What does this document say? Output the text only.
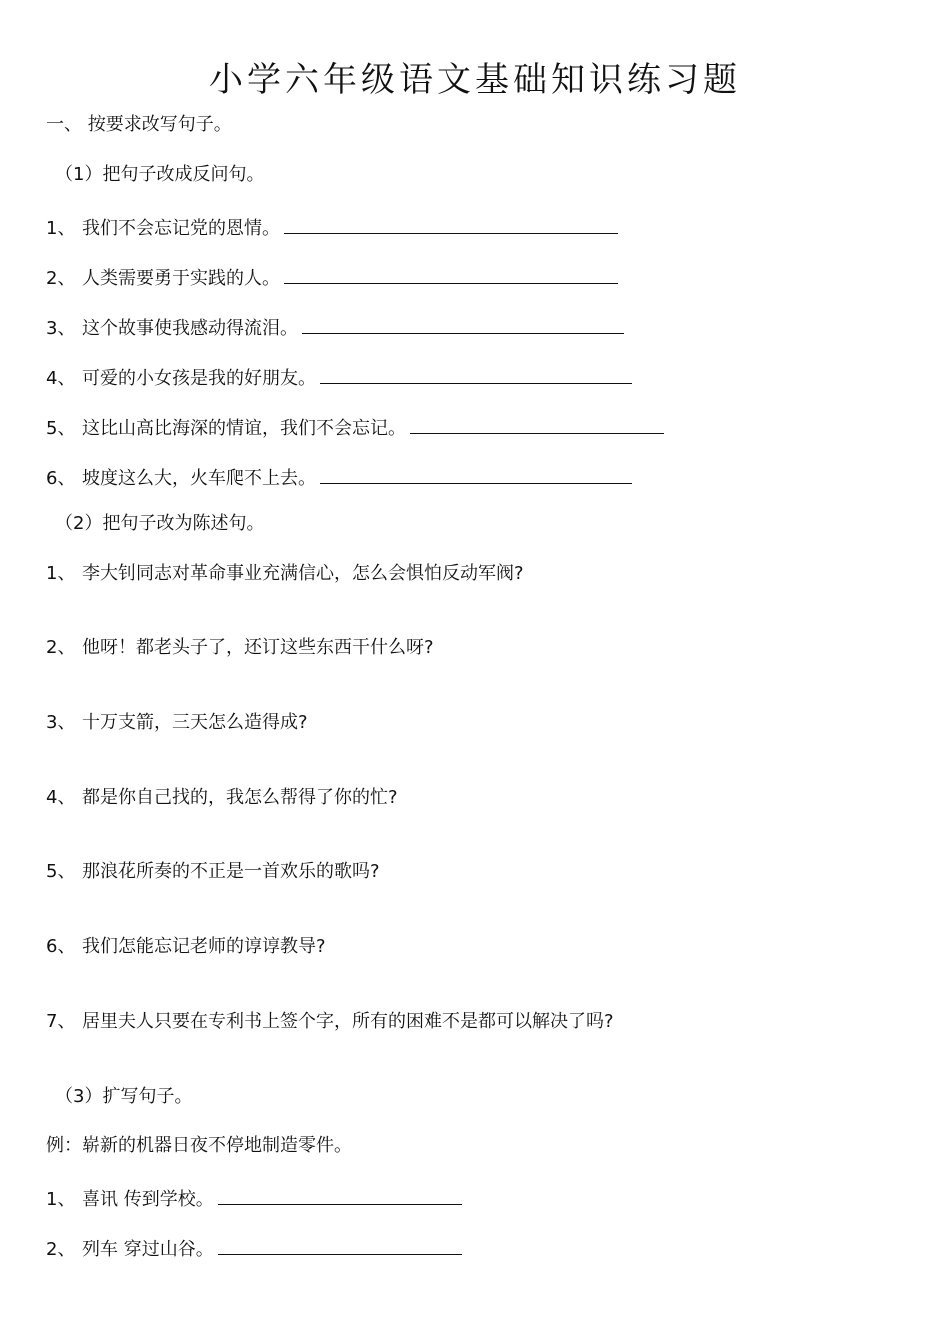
小学六年级语文基础知识练习题
一、 按要求改写句子。
（1）把句子改成反问句。
1、 我们不会忘记党的恩情。
2、 人类需要勇于实践的人。
3、 这个故事使我感动得流泪。
4、 可爱的小女孩是我的好朋友。
5、 这比山高比海深的情谊，我们不会忘记。
6、 坡度这么大，火车爬不上去。
（2）把句子改为陈述句。
1、 李大钊同志对革命事业充满信心，怎么会惧怕反动军阀?
2、 他呀！都老头子了，还订这些东西干什么呀?
3、 十万支箭，三天怎么造得成?
4、 都是你自己找的，我怎么帮得了你的忙?
5、 那浪花所奏的不正是一首欢乐的歌吗?
6、 我们怎能忘记老师的谆谆教导?
7、 居里夫人只要在专利书上签个字，所有的困难不是都可以解决了吗?
（3）扩写句子。
例：崭新的机器日夜不停地制造零件。
1、 喜讯 传到学校。
2、 列车 穿过山谷。
